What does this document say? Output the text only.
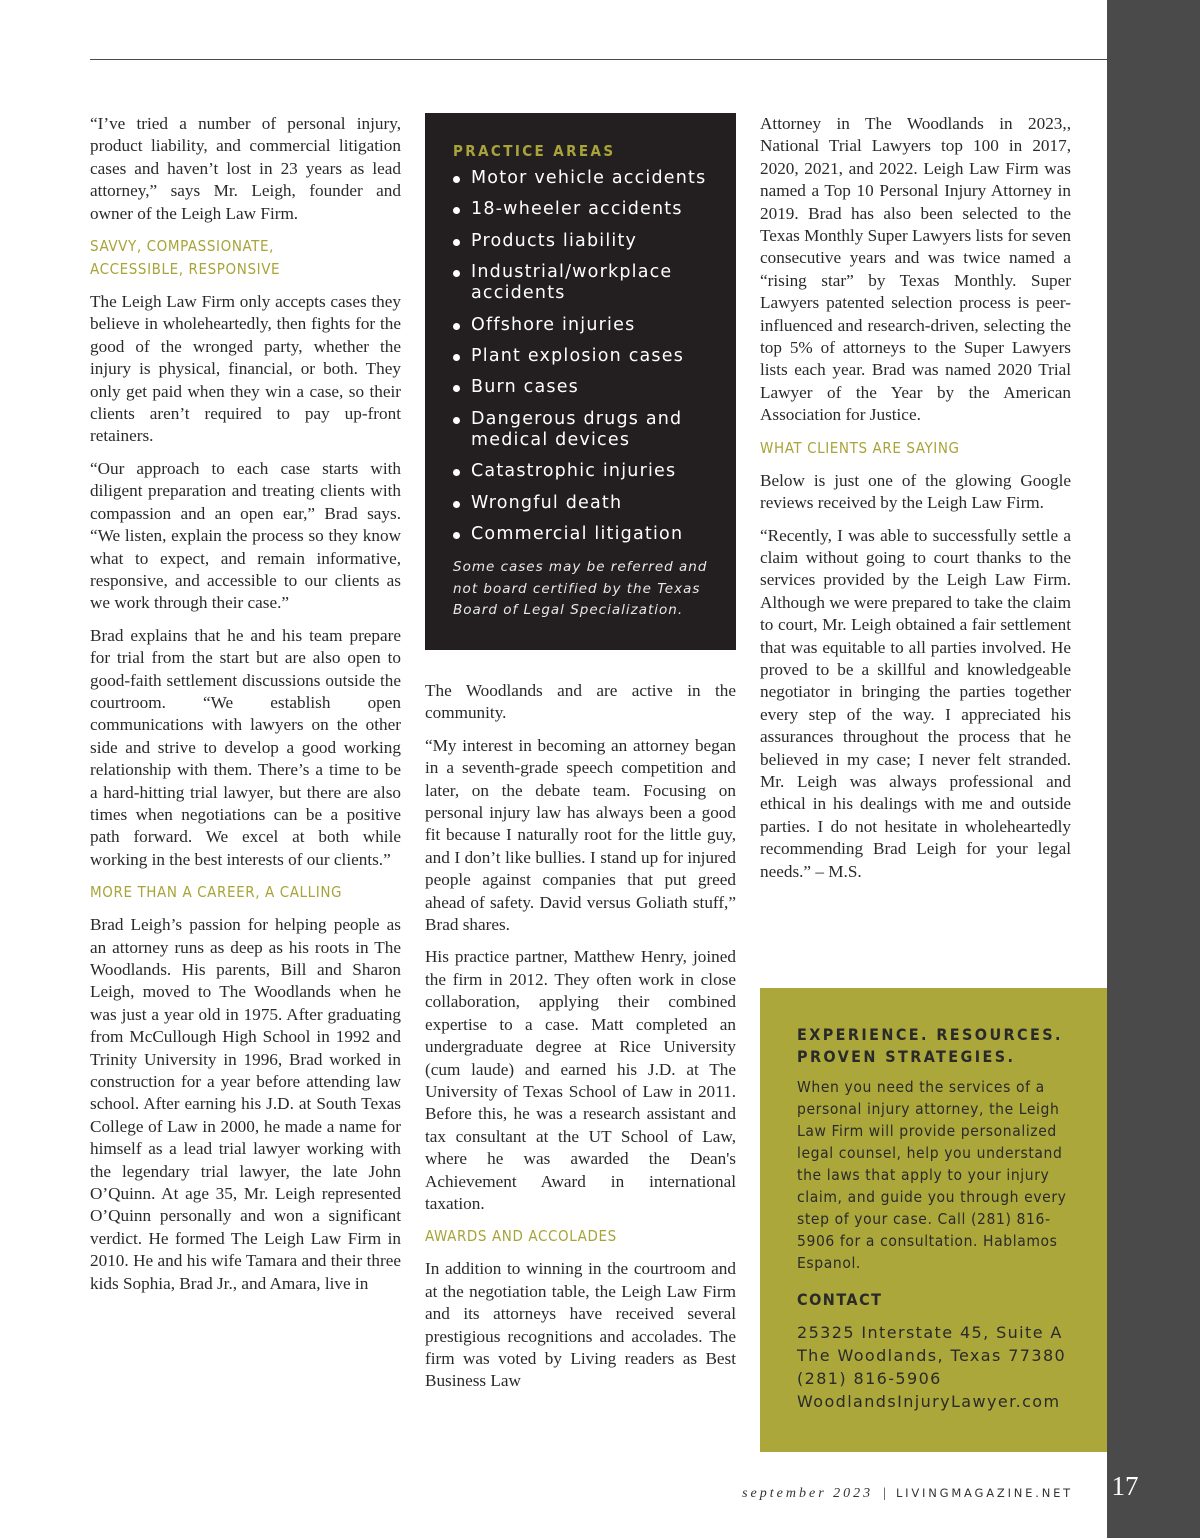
“I’ve tried a number of personal injury, product liability, and commercial litigation cases and haven’t lost in 23 years as lead attorney,” says Mr. Leigh, founder and owner of the Leigh Law Firm.

SAVVY, COMPASSIONATE,
ACCESSIBLE, RESPONSIVE

The Leigh Law Firm only accepts cases they believe in wholeheartedly, then fights for the good of the wronged party, whether the injury is physical, financial, or both. They only get paid when they win a case, so their clients aren’t required to pay up-front retainers.

“Our approach to each case starts with diligent preparation and treating clients with compassion and an open ear,” Brad says. “We listen, explain the process so they know what to expect, and remain informative, responsive, and accessible to our clients as we work through their case.”

Brad explains that he and his team prepare for trial from the start but are also open to good-faith settlement discussions outside the courtroom. “We establish open communications with lawyers on the other side and strive to develop a good working relationship with them. There’s a time to be a hard-hitting trial lawyer, but there are also times when negotiations can be a positive path forward. We excel at both while working in the best interests of our clients.”

MORE THAN A CAREER, A CALLING

Brad Leigh’s passion for helping people as an attorney runs as deep as his roots in The Woodlands. His parents, Bill and Sharon Leigh, moved to The Woodlands when he was just a year old in 1975. After graduating from McCullough High School in 1992 and Trinity University in 1996, Brad worked in construction for a year before attending law school. After earning his J.D. at South Texas College of Law in 2000, he made a name for himself as a lead trial lawyer working with the legendary trial lawyer, the late John O’Quinn. At age 35, Mr. Leigh represented O’Quinn personally and won a significant verdict. He formed The Leigh Law Firm in 2010. He and his wife Tamara and their three kids Sophia, Brad Jr., and Amara, live in

PRACTICE AREAS
Motor vehicle accidents
18-wheeler accidents
Products liability
Industrial/workplace accidents
Offshore injuries
Plant explosion cases
Burn cases
Dangerous drugs and medical devices
Catastrophic injuries
Wrongful death
Commercial litigation
Some cases may be referred and not board certified by the Texas Board of Legal Specialization.

The Woodlands and are active in the community.

“My interest in becoming an attorney began in a seventh-grade speech competition and later, on the debate team. Focusing on personal injury law has always been a good fit because I naturally root for the little guy, and I don’t like bullies. I stand up for injured people against companies that put greed ahead of safety. David versus Goliath stuff,” Brad shares.

His practice partner, Matthew Henry, joined the firm in 2012. They often work in close collaboration, applying their combined expertise to a case. Matt completed an undergraduate degree at Rice University (cum laude) and earned his J.D. at The University of Texas School of Law in 2011. Before this, he was a research assistant and tax consultant at the UT School of Law, where he was awarded the Dean's Achievement Award in international taxation.

AWARDS AND ACCOLADES

In addition to winning in the courtroom and at the negotiation table, the Leigh Law Firm and its attorneys have received several prestigious recognitions and accolades. The firm was voted by Living readers as Best Business Law

Attorney in The Woodlands in 2023,, National Trial Lawyers top 100 in 2017, 2020, 2021, and 2022. Leigh Law Firm was named a Top 10 Personal Injury Attorney in 2019. Brad has also been selected to the Texas Monthly Super Lawyers lists for seven consecutive years and was twice named a “rising star” by Texas Monthly. Super Lawyers patented selection process is peer-influenced and research-driven, selecting the top 5% of attorneys to the Super Lawyers lists each year. Brad was named 2020 Trial Lawyer of the Year by the American Association for Justice.

WHAT CLIENTS ARE SAYING

Below is just one of the glowing Google reviews received by the Leigh Law Firm.

“Recently, I was able to successfully settle a claim without going to court thanks to the services provided by the Leigh Law Firm. Although we were prepared to take the claim to court, Mr. Leigh obtained a fair settlement that was equitable to all parties involved. He proved to be a skillful and knowledgeable negotiator in bringing the parties together every step of the way. I appreciated his assurances throughout the process that he believed in my case; I never felt stranded. Mr. Leigh was always professional and ethical in his dealings with me and outside parties. I do not hesitate in wholeheartedly recommending Brad Leigh for your legal needs.” – M.S.

EXPERIENCE. RESOURCES.
PROVEN STRATEGIES.

When you need the services of a personal injury attorney, the Leigh Law Firm will provide personalized legal counsel, help you understand the laws that apply to your injury claim, and guide you through every step of your case. Call (281) 816-5906 for a consultation. Hablamos Espanol.

CONTACT
25325 Interstate 45, Suite A
The Woodlands, Texas 77380
(281) 816-5906
WoodlandsInjuryLawyer.com
september 2023 | LIVINGMAGAZINE.NET 17
